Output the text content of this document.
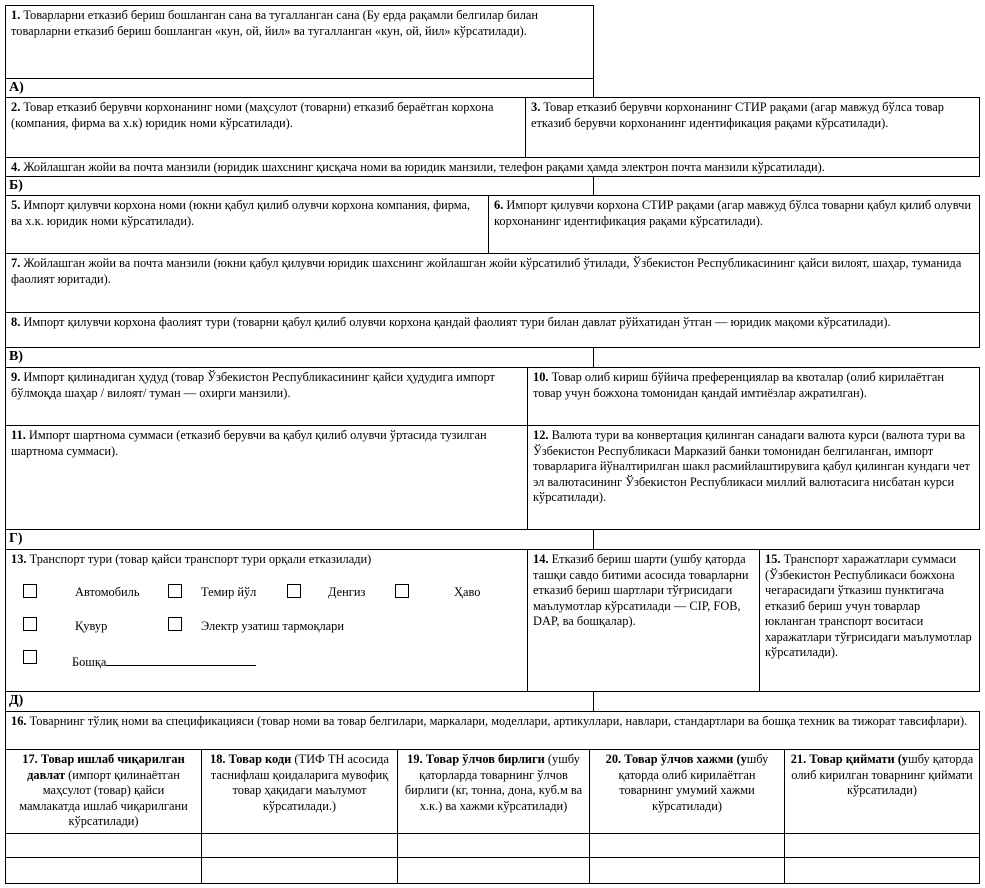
1. Товарларни етказиб бериш бошланган сана ва тугалланган сана (Бу ерда рақамли белгилар билан товарларни етказиб бериш бошланган «кун, ой, йил» ва тугалланган «кун, ой, йил» кўрсатилади).
А)
2. Товар етказиб берувчи корхонанинг номи (маҳсулот (товарни) етказиб бераётган корхона (компания, фирма ва х.к) юридик номи кўрсатилади).
3. Товар етказиб берувчи корхонанинг СТИР рақами (агар мавжуд бўлса товар етказиб берувчи корхонанинг идентификация рақами кўрсатилади).
4. Жойлашган жойи ва почта манзили (юридик шахснинг қисқача номи ва юридик манзили, телефон рақами ҳамда электрон почта манзили кўрсатилади).
Б)
5. Импорт қилувчи корхона номи (юкни қабул қилиб олувчи корхона компания, фирма, ва х.к. юридик номи кўрсатилади).
6. Импорт қилувчи корхона СТИР рақами (агар мавжуд бўлса товарни қабул қилиб олувчи корхонанинг идентификация рақами кўрсатилади).
7. Жойлашган жойи ва почта манзили (юкни қабул қилувчи юридик шахснинг жойлашган жойи кўрсатилиб ўтилади, Ўзбекистон Республикасининг қайси вилоят, шаҳар, туманида фаолият юритади).
8. Импорт қилувчи корхона фаолият тури (товарни қабул қилиб олувчи корхона қандай фаолият тури билан давлат рўйхатидан ўтган — юридик мақоми кўрсатилади).
В)
9. Импорт қилинадиган ҳудуд (товар Ўзбекистон Республикасининг қайси ҳудудига импорт бўлмоқда шаҳар / вилоят/ туман — охирги манзили).
10. Товар олиб кириш бўйича преференциялар ва квоталар (олиб кирилаётган товар учун божхона томонидан қандай имтиёзлар ажратилган).
11. Импорт шартнома суммаси (етказиб берувчи ва қабул қилиб олувчи ўртасида тузилган шартнома суммаси).
12. Валюта тури ва конвертация қилинган санадаги валюта курси (валюта тури ва Ўзбекистон Республикаси Марказий банки томонидан белгиланган, импорт товарларига йўналтирилган шакл расмийлаштирувига қабул қилинган кундаги чет эл валютасининг Ўзбекистон Республикаси миллий валютасига нисбатан курси кўрсатилади).
Г)
13. Транспорт тури (товар қайси транспорт тури орқали етказилади)
Автомобиль	Темир йўл	Денгиз	Ҳаво
Қувур	Электр узатиш тармоқлари
Бошқа
14. Етказиб бериш шарти (ушбу қаторда ташқи савдо битими асосида товарларни етказиб бериш шартлари тўғрисидаги маълумотлар кўрсатилади — CIP, FOB, DAP, ва бошқалар).
15. Транспорт харажатлари суммаси (Ўзбекистон Республикаси божхона чегарасидаги ўтказиш пунктигача етказиб бериш учун товарлар юкланган транспорт воситаси харажатлари тўғрисидаги маълумотлар кўрсатилади).
Д)
16. Товарнинг тўлиқ номи ва спецификацияси (товар номи ва товар белгилари, маркалари, моделлари, артикуллари, навлари, стандартлари ва бошқа техник ва тижорат тавсифлари).
17. Товар ишлаб чиқарилган давлат (импорт қилинаётган маҳсулот (товар) қайси мамлакатда ишлаб чиқарилгани кўрсатилади)
18. Товар коди (ТИФ ТН асосида таснифлаш қоидаларига мувофиқ товар ҳақидаги маълумот кўрсатилади.)
19. Товар ўлчов бирлиги (ушбу қаторларда товарнинг ўлчов бирлиги (кг, тонна, дона, куб.м ва х.к.) ва хажми кўрсатилади)
20. Товар ўлчов хажми (ушбу қаторда олиб кирилаётган товарнинг умумий хажми кўрсатилади)
21. Товар қиймати (ушбу қаторда олиб кирилган товарнинг қиймати кўрсатилади)
